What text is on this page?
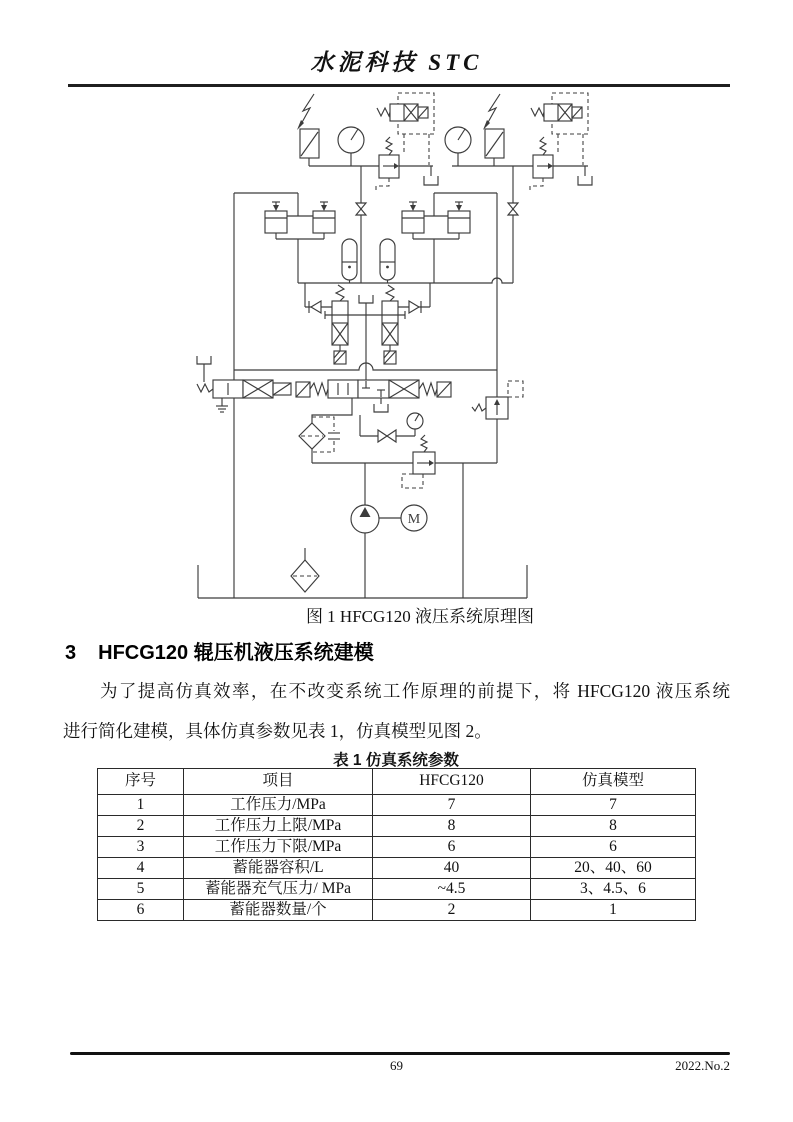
水泥科技 STC
M
图 1 HFCG120 液压系统原理图
3 HFCG120 辊压机液压系统建模
为了提高仿真效率，在不改变系统工作原理的前提下，将 HFCG120 液压系统
进行简化建模，具体仿真参数见表 1，仿真模型见图 2。
表 1 仿真系统参数
序号	项目	HFCG120	仿真模型
1	工作压力/MPa	7	7
2	工作压力上限/MPa	8	8
3	工作压力下限/MPa	6	6
4	蓄能器容积/L	40	20、40、60
5	蓄能器充气压力/ MPa	~4.5	3、4.5、6
6	蓄能器数量/个	2	1
69	2022.No.2
